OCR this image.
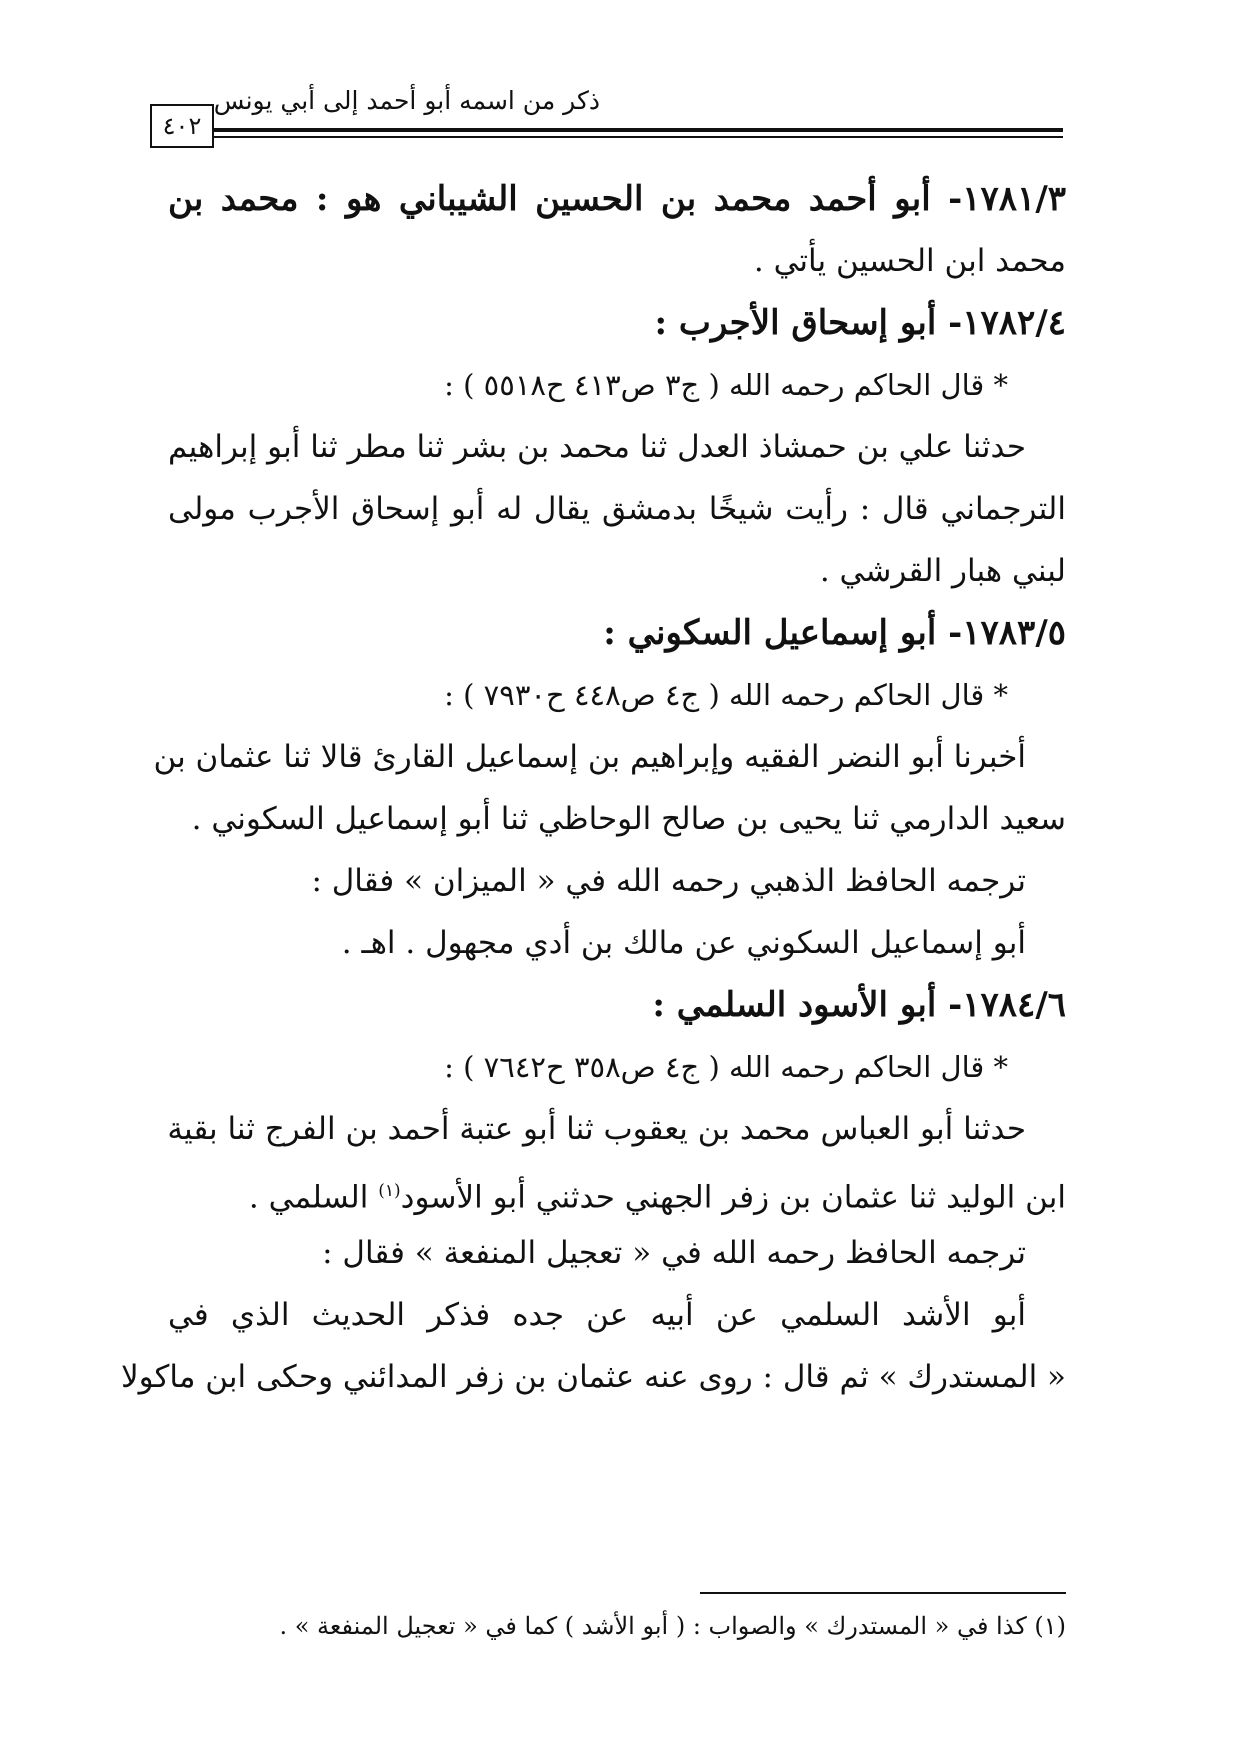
ذكر من اسمه أبو أحمد إلى أبي يونس
٤٠٢
١٧٨١/٣- أبو أحمد محمد بن الحسين الشيباني هو : محمد بن
محمد ابن الحسين يأتي .
١٧٨٢/٤- أبو إسحاق الأجرب :
* قال الحاكم رحمه الله ( ج٣ ص٤١٣ ح٥٥١٨ ) :
حدثنا علي بن حمشاذ العدل ثنا محمد بن بشر ثنا مطر ثنا أبو إبراهيم
الترجماني قال : رأيت شيخًا بدمشق يقال له أبو إسحاق الأجرب مولى
لبني هبار القرشي .
١٧٨٣/٥- أبو إسماعيل السكوني :
* قال الحاكم رحمه الله ( ج٤ ص٤٤٨ ح٧٩٣٠ ) :
أخبرنا أبو النضر الفقيه وإبراهيم بن إسماعيل القارئ قالا ثنا عثمان بن
سعيد الدارمي ثنا يحيى بن صالح الوحاظي ثنا أبو إسماعيل السكوني .
ترجمه الحافظ الذهبي رحمه الله في « الميزان » فقال :
أبو إسماعيل السكوني عن مالك بن أدي مجهول . اهـ .
١٧٨٤/٦- أبو الأسود السلمي :
* قال الحاكم رحمه الله ( ج٤ ص٣٥٨ ح٧٦٤٢ ) :
حدثنا أبو العباس محمد بن يعقوب ثنا أبو عتبة أحمد بن الفرج ثنا بقية
ابن الوليد ثنا عثمان بن زفر الجهني حدثني أبو الأسود$^{(١)}$ السلمي .
ترجمه الحافظ رحمه الله في « تعجيل المنفعة » فقال :
أبو الأشد السلمي عن أبيه عن جده فذكر الحديث الذي في
« المستدرك » ثم قال : روى عنه عثمان بن زفر المدائني وحكى ابن ماكولا
(١) كذا في « المستدرك » والصواب : ( أبو الأشد ) كما في « تعجيل المنفعة » .
